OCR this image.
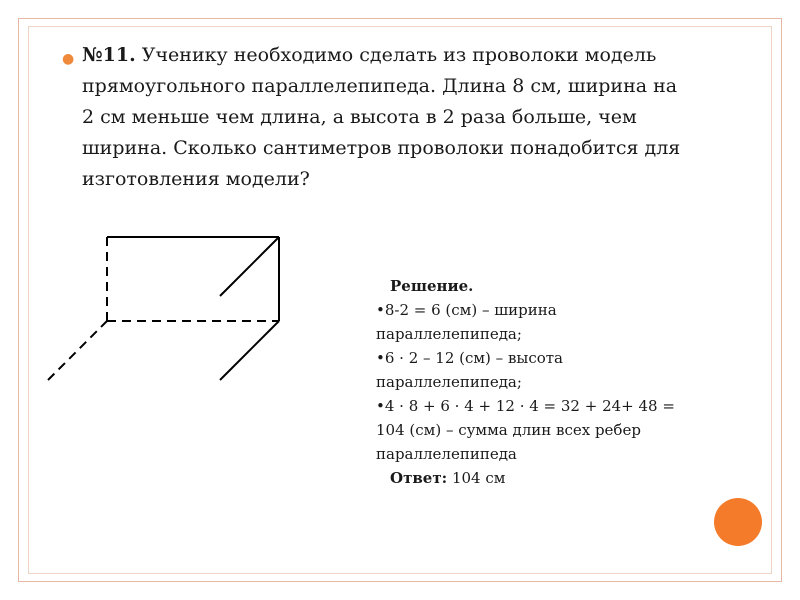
● №11. Ученику необходимо сделать из проволоки модель прямоугольного параллелепипеда. Длина 8 см, ширина на 2 см меньше чем длина, а высота в 2 раза больше, чем ширина. Сколько сантиметров проволоки понадобится для изготовления модели?
Решение.
•8-2 = 6 (см) – ширина параллелепипеда;
•6 · 2 – 12 (см) – высота параллелепипеда;
•4 · 8 + 6 · 4 + 12 · 4 = 32 + 24+ 48 = 104 (см) – сумма длин всех ребер параллелепипеда
Ответ: 104 см
